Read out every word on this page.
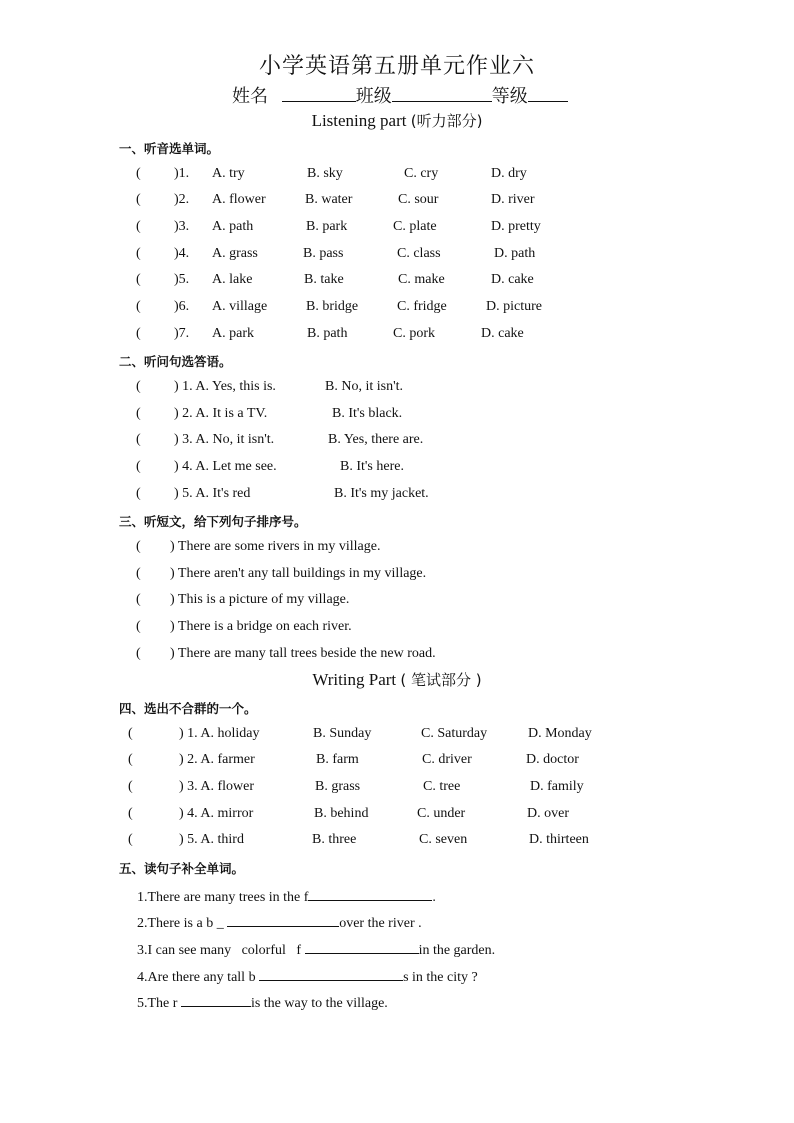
小学英语第五册单元作业六
姓名	班级	等级
Listening part (听力部分)
一、听音选单词。
( )1. A. try	B. sky	C. cry	D. dry
( )2. A. flower	B. water	C. sour	D. river
( )3. A. path	B. park	C. plate	D. pretty
( )4. A. grass	B. pass	C. class	D. path
( )5. A. lake	B. take	C. make	D. cake
( )6. A. village	B. bridge	C. fridge	D. picture
( )7. A. park	B. path	C. pork	D. cake
二、听问句选答语。
( ) 1. A. Yes, this is.	B. No, it isn't.
( ) 2. A. It is a TV.	B. It's black.
( ) 3. A. No, it isn't.	B. Yes, there are.
( ) 4. A. Let me see.	B. It's here.
( ) 5. A. It's red	B. It's my jacket.
三、听短文，给下列句子排序号。
( ) There are some rivers in my village.
( ) There aren't any tall buildings in my village.
( ) This is a picture of my village.
( ) There is a bridge on each river.
( ) There are many tall trees beside the new road.
Writing Part ( 笔试部分 )
四、选出不合群的一个。
(	) 1. A. holiday	B. Sunday	C. Saturday	D. Monday
(	) 2. A. farmer	B. farm	C. driver	D. doctor
(	) 3. A. flower	B. grass	C. tree	D. family
(	) 4. A. mirror	B. behind	C. under	D. over
(	) 5. A. third	B. three	C. seven	D. thirteen
五、读句子补全单词。
1.There are many trees in the f	.
2.There is a b _	over the river .
3.I can see many   colorful   f	in the garden.
4.Are there any tall b	s in the city ?
5.The r	is the way to the village.
